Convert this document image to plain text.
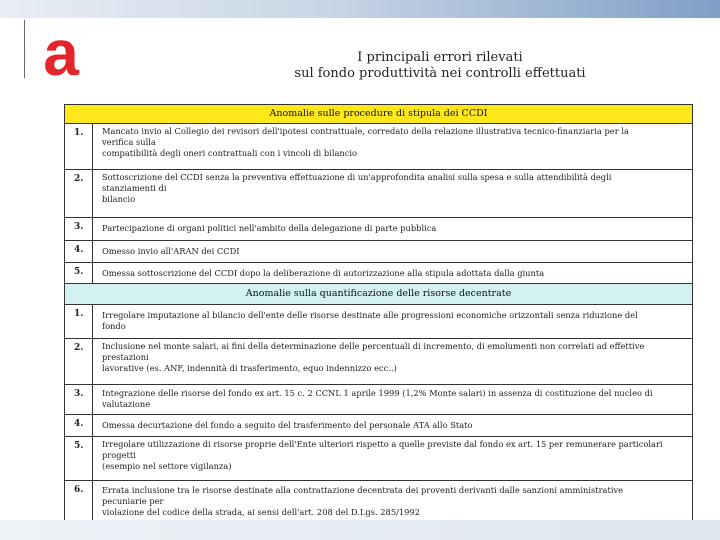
a	I principali errori rilevati
sul fondo produttività nei controlli effettuati
Anomalie sulle procedure di stipula dei CCDI
1.	Mancato invio al Collegio dei revisori dell'ipotesi contrattuale, corredato della relazione illustrativa tecnico-finanziaria per la
verifica sulla
compatibilità degli oneri contrattuali con i vincoli di bilancio
2.	Sottoscrizione del CCDI senza la preventiva effettuazione di un'approfondita analisi sulla spesa e sulla attendibilità degli
stanziamenti di
bilancio
3.	Partecipazione di organi politici nell'ambito della delegazione di parte pubblica
4.	Omesso invio all'ARAN dei CCDI
5.	Omessa sottoscrizione del CCDI dopo la deliberazione di autorizzazione alla stipula adottata dalla giunta
Anomalie sulla quantificazione delle risorse decentrate
1.	Irregolare imputazione al bilancio dell'ente delle risorse destinate alle progressioni economiche orizzontali senza riduzione del
fondo
2.	Inclusione nel monte salari, ai fini della determinazione delle percentuali di incremento, di emolumenti non correlati ad effettive
prestazioni
lavorative (es. ANF, indennità di trasferimento, equo indennizzo ecc..)
3.	Integrazione delle risorse del fondo ex art. 15 c. 2 CCNL 1 aprile 1999 (1,2% Monte salari) in assenza di costituzione del nucleo di
valutazione
4.	Omessa decurtazione del fondo a seguito del trasferimento del personale ATA allo Stato
5.	Irregolare utilizzazione di risorse proprie dell'Ente ulteriori rispetto a quelle previste dal fondo ex art. 15 per remunerare particolari
progetti
(esempio nel settore vigilanza)
6.	Errata inclusione tra le risorse destinate alla contrattazione decentrata dei proventi derivanti dalle sanzioni amministrative
pecuniarie per
violazione del codice della strada, ai sensi dell'art. 208 del D.Lgs. 285/1992
